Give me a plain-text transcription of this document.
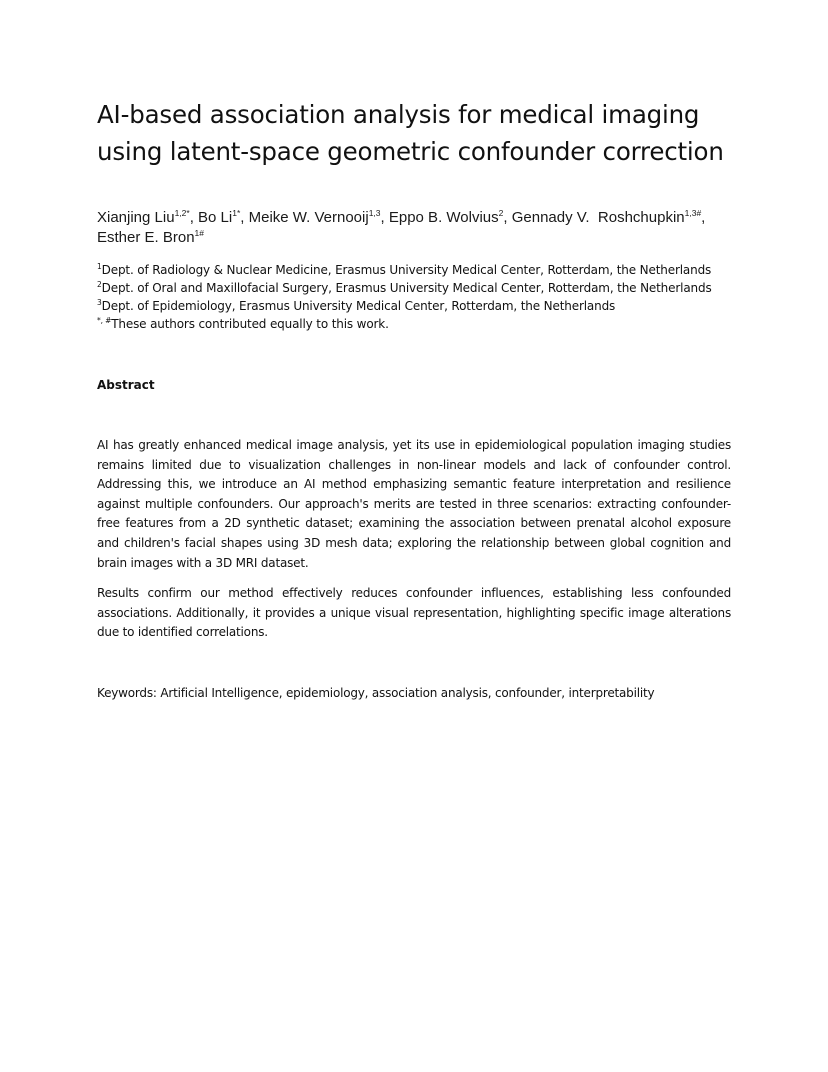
AI-based association analysis for medical imaging using latent-space geometric confounder correction
Xianjing Liu$^{1,2*}$, Bo $Li^{1*}$, Meike W. Vernooij$^{1,3}$, Eppo B. Wolvius$^2$, Gennady V.  Roshchupkin$^{1,3\#}$,
Esther E. Bron$^{1\#}$
$^1$Dept. of Radiology & Nuclear Medicine, Erasmus University Medical Center, Rotterdam, the Netherlands
$^2$Dept. of Oral and Maxillofacial Surgery, Erasmus University Medical Center, Rotterdam, the Netherlands
$^3$Dept. of Epidemiology, Erasmus University Medical Center, Rotterdam, the Netherlands
*, #These authors contributed equally to this work.
Abstract

AI has greatly enhanced medical image analysis, yet its use in epidemiological population imaging studies remains limited due to visualization challenges in non-linear models and lack of confounder control. Addressing this, we introduce an AI method emphasizing semantic feature interpretation and resilience against multiple confounders. Our approach's merits are tested in three scenarios: extracting confounder-free features from a 2D synthetic dataset; examining the association between prenatal alcohol exposure and children's facial shapes using 3D mesh data; exploring the relationship between global cognition and brain images with a 3D MRI dataset.

Results confirm our method effectively reduces confounder influences, establishing less confounded associations. Additionally, it provides a unique visual representation, highlighting specific image alterations due to identified correlations.

Keywords: Artificial Intelligence, epidemiology, association analysis, confounder, interpretability
